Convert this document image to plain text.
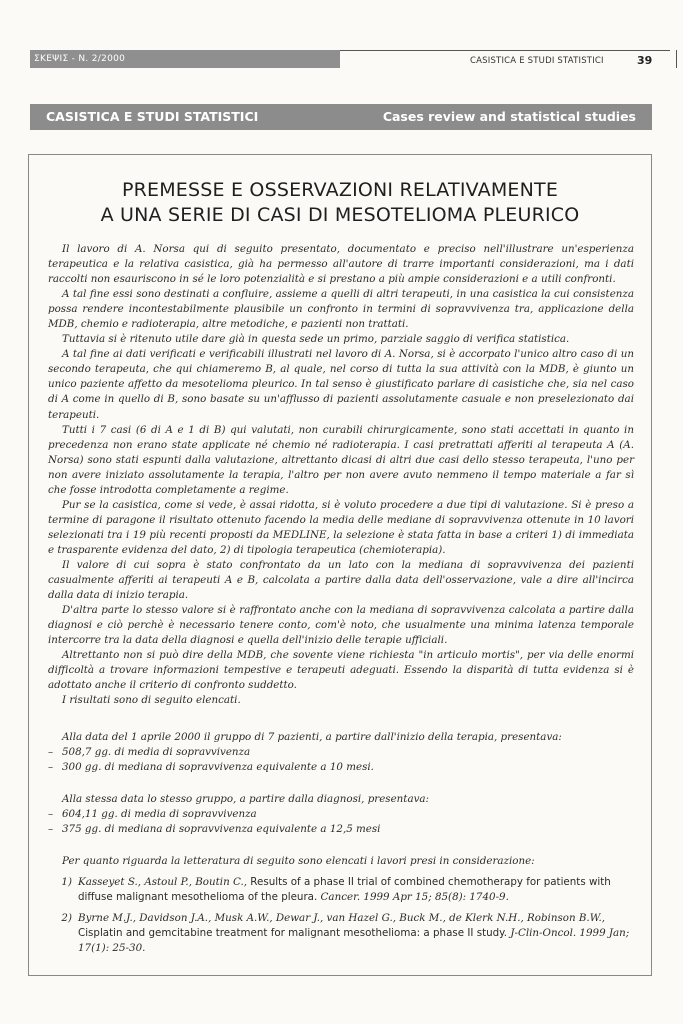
ΣΚΕΨΙΣ - N. 2/2000	CASISTICA E STUDI STATISTICI	39
CASISTICA E STUDI STATISTICI	Cases review and statistical studies
PREMESSE E OSSERVAZIONI RELATIVAMENTE
A UNA SERIE DI CASI DI MESOTELIOMA PLEURICO

Il lavoro di A. Norsa qui di seguito presentato, documentato e preciso nell'illustrare un'esperienza terapeutica e la relativa casistica, già ha permesso all'autore di trarre importanti considerazioni, ma i dati raccolti non esauriscono in sé le loro potenzialità e si prestano a più ampie considerazioni e a utili confronti.

A tal fine essi sono destinati a confluire, assieme a quelli di altri terapeuti, in una casistica la cui consistenza possa rendere incontestabilmente plausibile un confronto in termini di sopravvivenza tra, applicazione della MDB, chemio e radioterapia, altre metodiche, e pazienti non trattati.

Tuttavia si è ritenuto utile dare già in questa sede un primo, parziale saggio di verifica statistica.

A tal fine ai dati verificati e verificabili illustrati nel lavoro di A. Norsa, si è accorpato l'unico altro caso di un secondo terapeuta, che qui chiameremo B, al quale, nel corso di tutta la sua attività con la MDB, è giunto un unico paziente affetto da mesotelioma pleurico. In tal senso è giustificato parlare di casistiche che, sia nel caso di A come in quello di B, sono basate su un'afflusso di pazienti assolutamente casuale e non preselezionato dai terapeuti.

Tutti i 7 casi (6 di A e 1 di B) qui valutati, non curabili chirurgicamente, sono stati accettati in quanto in precedenza non erano state applicate né chemio né radioterapia. I casi pretrattati afferiti al terapeuta A (A. Norsa) sono stati espunti dalla valutazione, altrettanto dicasi di altri due casi dello stesso terapeuta, l'uno per non avere iniziato assolutamente la terapia, l'altro per non avere avuto nemmeno il tempo materiale a far sì che fosse introdotta completamente a regime.

Pur se la casistica, come si vede, è assai ridotta, si è voluto procedere a due tipi di valutazione. Si è preso a termine di paragone il risultato ottenuto facendo la media delle mediane di sopravvivenza ottenute in 10 lavori selezionati tra i 19 più recenti proposti da MEDLINE, la selezione è stata fatta in base a criteri 1) di immediata e trasparente evidenza del dato, 2) di tipologia terapeutica (chemioterapia).

Il valore di cui sopra è stato confrontato da un lato con la mediana di sopravvivenza dei pazienti casualmente afferiti ai terapeuti A e B, calcolata a partire dalla data dell'osservazione, vale a dire all'incirca dalla data di inizio terapia.

D'altra parte lo stesso valore si è raffrontato anche con la mediana di sopravvivenza calcolata a partire dalla diagnosi e ciò perchè è necessario tenere conto, com'è noto, che usualmente una minima latenza temporale intercorre tra la data della diagnosi e quella dell'inizio delle terapie ufficiali.

Altrettanto non si può dire della MDB, che sovente viene richiesta "in articulo mortis", per via delle enormi difficoltà a trovare informazioni tempestive e terapeuti adeguati. Essendo la disparità di tutta evidenza si è adottato anche il criterio di confronto suddetto.

I risultati sono di seguito elencati.

Alla data del 1 aprile 2000 il gruppo di 7 pazienti, a partire dall'inizio della terapia, presentava:

– 508,7 gg. di media di sopravvivenza
– 300 gg. di mediana di sopravvivenza equivalente a 10 mesi.

Alla stessa data lo stesso gruppo, a partire dalla diagnosi, presentava:

– 604,11 gg. di media di sopravvivenza
– 375 gg. di mediana di sopravvivenza equivalente a 12,5 mesi

Per quanto riguarda la letteratura di seguito sono elencati i lavori presi in considerazione:

1) Kasseyet S., Astoul P., Boutin C., Results of a phase II trial of combined chemotherapy for patients with diffuse malignant mesothelioma of the pleura. Cancer. 1999 Apr 15; 85(8): 1740-9.
2) Byrne M.J., Davidson J.A., Musk A.W., Dewar J., van Hazel G., Buck M., de Klerk N.H., Robinson B.W., Cisplatin and gemcitabine treatment for malignant mesothelioma: a phase II study. J-Clin-Oncol. 1999 Jan; 17(1): 25-30.
